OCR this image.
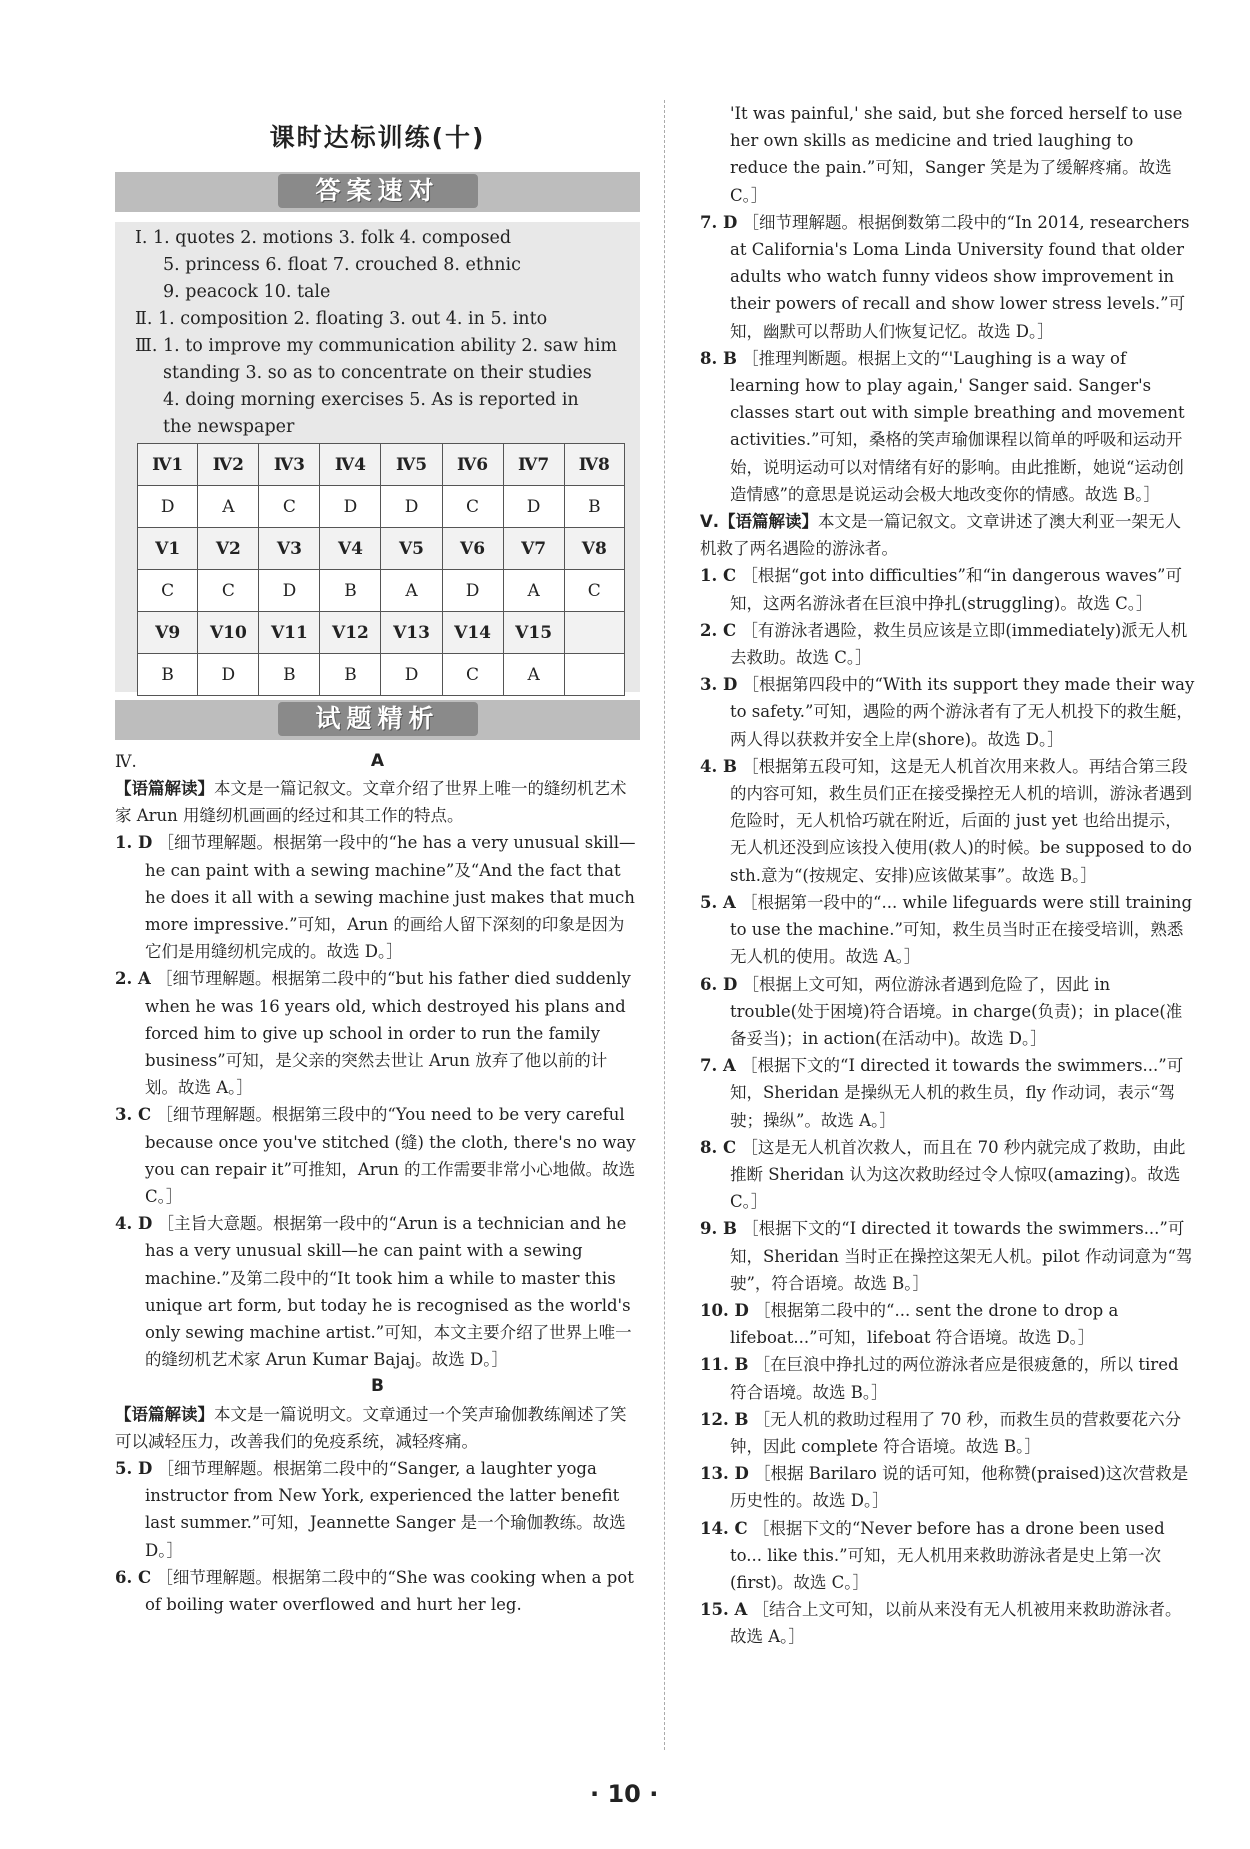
课时达标训练(十)
答案速对
Ⅰ. 1. quotes 2. motions 3. folk 4. composed
5. princess 6. float 7. crouched 8. ethnic
9. peacock 10. tale
Ⅱ. 1. composition 2. floating 3. out 4. in 5. into
Ⅲ. 1. to improve my communication ability 2. saw him
standing 3. so as to concentrate on their studies
4. doing morning exercises 5. As is reported in
the newspaper
Ⅳ1	Ⅳ2	Ⅳ3	Ⅳ4	Ⅳ5	Ⅳ6	Ⅳ7	Ⅳ8
D	A	C	D	D	C	D	B
Ⅴ1	Ⅴ2	Ⅴ3	Ⅴ4	Ⅴ5	Ⅴ6	Ⅴ7	Ⅴ8
C	C	D	B	A	D	A	C
Ⅴ9	Ⅴ10	Ⅴ11	Ⅴ12	Ⅴ13	Ⅴ14	Ⅴ15	
B	D	B	B	D	C	A	
试题精析
Ⅳ.	A

【语篇解读】本文是一篇记叙文。文章介绍了世界上唯一的缝纫机艺术家 Arun 用缝纫机画画的经过和其工作的特点。

1. D ［细节理解题。根据第一段中的“he has a very unusual skill—he can paint with a sewing machine”及“And the fact that he does it all with a sewing machine just makes that much more impressive.”可知，Arun 的画给人留下深刻的印象是因为它们是用缝纫机完成的。故选 D。］

2. A ［细节理解题。根据第二段中的“but his father died suddenly when he was 16 years old, which destroyed his plans and forced him to give up school in order to run the family business”可知，是父亲的突然去世让 Arun 放弃了他以前的计划。故选 A。］

3. C ［细节理解题。根据第三段中的“You need to be very careful because once you've stitched (缝) the cloth, there's no way you can repair it”可推知，Arun 的工作需要非常小心地做。故选 C。］

4. D ［主旨大意题。根据第一段中的“Arun is a technician and he has a very unusual skill—he can paint with a sewing machine.”及第二段中的“It took him a while to master this unique art form, but today he is recognised as the world's only sewing machine artist.”可知，本文主要介绍了世界上唯一的缝纫机艺术家 Arun Kumar Bajaj。故选 D。］

B

【语篇解读】本文是一篇说明文。文章通过一个笑声瑜伽教练阐述了笑可以减轻压力，改善我们的免疫系统，减轻疼痛。

5. D ［细节理解题。根据第二段中的“Sanger, a laughter yoga instructor from New York, experienced the latter benefit last summer.”可知，Jeannette Sanger 是一个瑜伽教练。故选 D。］

6. C ［细节理解题。根据第二段中的“She was cooking when a pot of boiling water overflowed and hurt her leg.

'It was painful,' she said, but she forced herself to use her own skills as medicine and tried laughing to reduce the pain.”可知，Sanger 笑是为了缓解疼痛。故选 C。］

7. D ［细节理解题。根据倒数第二段中的“In 2014, researchers at California's Loma Linda University found that older adults who watch funny videos show improvement in their powers of recall and show lower stress levels.”可知，幽默可以帮助人们恢复记忆。故选 D。］

8. B ［推理判断题。根据上文的“'Laughing is a way of learning how to play again,' Sanger said. Sanger's classes start out with simple breathing and movement activities.”可知，桑格的笑声瑜伽课程以简单的呼吸和运动开始，说明运动可以对情绪有好的影响。由此推断，她说“运动创造情感”的意思是说运动会极大地改变你的情感。故选 B。］

Ⅴ.【语篇解读】本文是一篇记叙文。文章讲述了澳大利亚一架无人机救了两名遇险的游泳者。

1. C ［根据“got into difficulties”和“in dangerous waves”可知，这两名游泳者在巨浪中挣扎(struggling)。故选 C。］

2. C ［有游泳者遇险，救生员应该是立即(immediately)派无人机去救助。故选 C。］

3. D ［根据第四段中的“With its support they made their way to safety.”可知，遇险的两个游泳者有了无人机投下的救生艇，两人得以获救并安全上岸(shore)。故选 D。］

4. B ［根据第五段可知，这是无人机首次用来救人。再结合第三段的内容可知，救生员们正在接受操控无人机的培训，游泳者遇到危险时，无人机恰巧就在附近，后面的 just yet 也给出提示，无人机还没到应该投入使用(救人)的时候。be supposed to do sth.意为“(按规定、安排)应该做某事”。故选 B。］

5. A ［根据第一段中的“... while lifeguards were still training to use the machine.”可知，救生员当时正在接受培训，熟悉无人机的使用。故选 A。］

6. D ［根据上文可知，两位游泳者遇到危险了，因此 in trouble(处于困境)符合语境。in charge(负责)；in place(准备妥当)；in action(在活动中)。故选 D。］

7. A ［根据下文的“I directed it towards the swimmers...”可知，Sheridan 是操纵无人机的救生员，fly 作动词，表示“驾驶；操纵”。故选 A。］

8. C ［这是无人机首次救人，而且在 70 秒内就完成了救助，由此推断 Sheridan 认为这次救助经过令人惊叹(amazing)。故选 C。］

9. B ［根据下文的“I directed it towards the swimmers...”可知，Sheridan 当时正在操控这架无人机。pilot 作动词意为“驾驶”，符合语境。故选 B。］

10. D ［根据第二段中的“... sent the drone to drop a lifeboat...”可知，lifeboat 符合语境。故选 D。］

11. B ［在巨浪中挣扎过的两位游泳者应是很疲惫的，所以 tired 符合语境。故选 B。］

12. B ［无人机的救助过程用了 70 秒，而救生员的营救要花六分钟，因此 complete 符合语境。故选 B。］

13. D ［根据 Barilaro 说的话可知，他称赞(praised)这次营救是历史性的。故选 D。］

14. C ［根据下文的“Never before has a drone been used to... like this.”可知，无人机用来救助游泳者是史上第一次(first)。故选 C。］

15. A ［结合上文可知，以前从来没有无人机被用来救助游泳者。故选 A。］

· 10 ·
